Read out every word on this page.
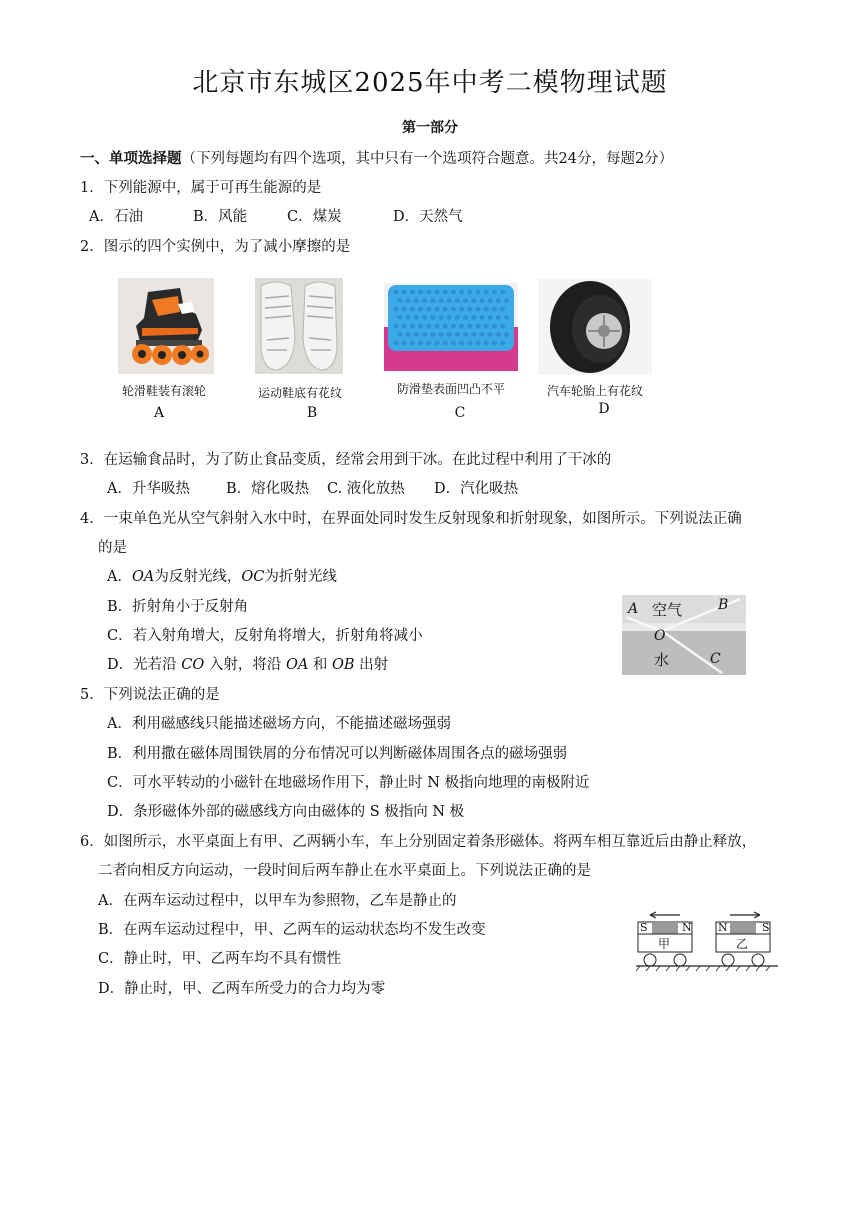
北京市东城区2025年中考二模物理试题
第一部分
一、单项选择题（下列每题均有四个选项，其中只有一个选项符合题意。共24分，每题2分）
1．下列能源中，属于可再生能源的是
A．石油	B．风能	C．煤炭	D．天然气
2．图示的四个实例中，为了减小摩擦的是
轮滑鞋装有滚轮	运动鞋底有花纹	防滑垫表面凹凸不平	汽车轮胎上有花纹
A	B	C	D
3．在运输食品时，为了防止食品变质，经常会用到干冰。在此过程中利用了干冰的
A．升华吸热 B．熔化吸热 C. 液化放热 D．汽化吸热
4．一束单色光从空气斜射入水中时，在界面处同时发生反射现象和折射现象，如图所示。下列说法正确
的是
A．OA为反射光线，OC为折射光线
B．折射角小于反射角
C．若入射角增大，反射角将增大，折射角将减小
D．光若沿 CO 入射，将沿 OA 和 OB 出射
A 空气	B
O
水	C
5．下列说法正确的是
A．利用磁感线只能描述磁场方向，不能描述磁场强弱
B．利用撒在磁体周围铁屑的分布情况可以判断磁体周围各点的磁场强弱
C．可水平转动的小磁针在地磁场作用下，静止时 N 极指向地理的南极附近
D．条形磁体外部的磁感线方向由磁体的 S 极指向 N 极
6．如图所示，水平桌面上有甲、乙两辆小车，车上分别固定着条形磁体。将两车相互靠近后由静止释放，
二者向相反方向运动，一段时间后两车静止在水平桌面上。下列说法正确的是
A．在两车运动过程中，以甲车为参照物，乙车是静止的
B．在两车运动过程中，甲、乙两车的运动状态均不发生改变
C．静止时，甲、乙两车均不具有惯性
D．静止时，甲、乙两车所受力的合力均为零
S	N
甲
N	S
乙
